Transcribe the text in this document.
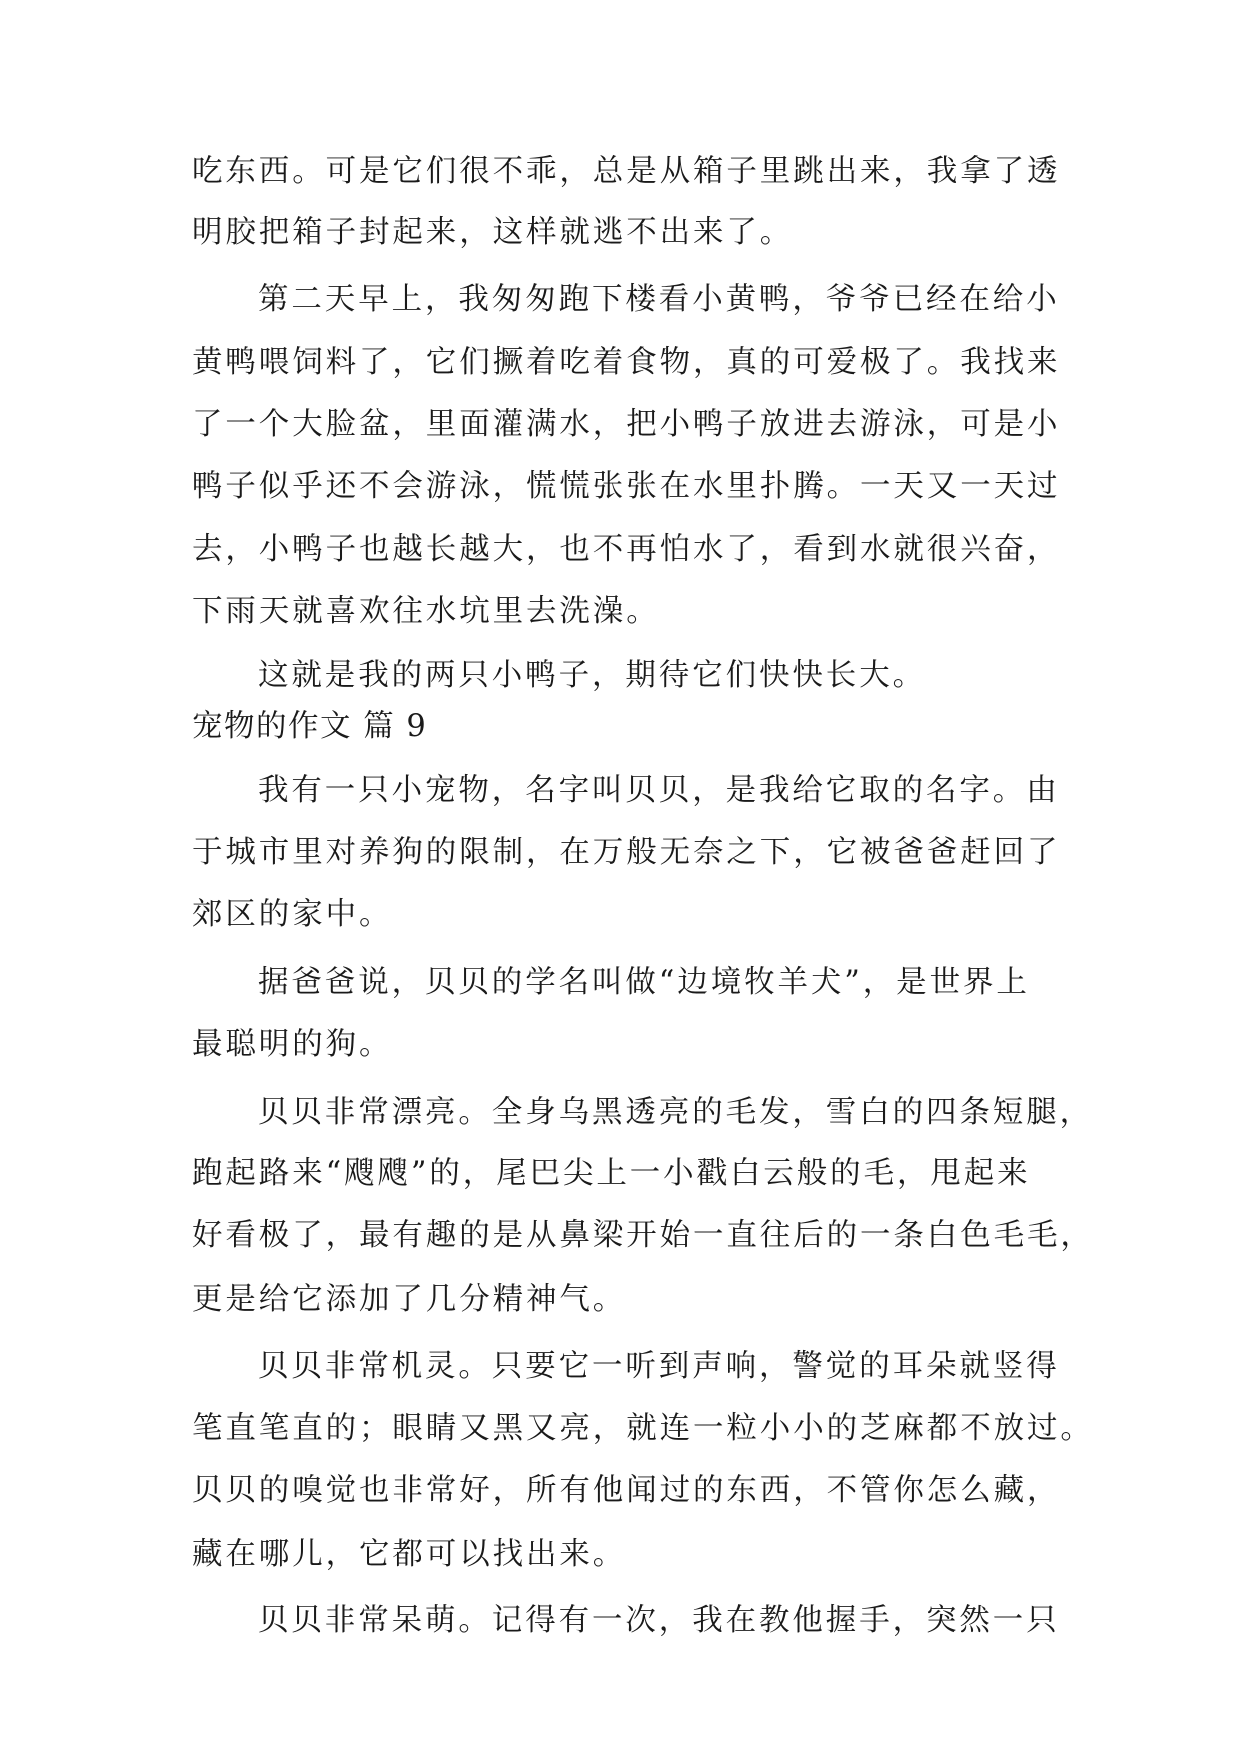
吃东西。可是它们很不乖，总是从箱子里跳出来，我拿了透
明胶把箱子封起来，这样就逃不出来了。
第二天早上，我匆匆跑下楼看小黄鸭，爷爷已经在给小
黄鸭喂饲料了，它们撅着吃着食物，真的可爱极了。我找来
了一个大脸盆，里面灌满水，把小鸭子放进去游泳，可是小
鸭子似乎还不会游泳，慌慌张张在水里扑腾。一天又一天过
去，小鸭子也越长越大，也不再怕水了，看到水就很兴奋，
下雨天就喜欢往水坑里去洗澡。
这就是我的两只小鸭子，期待它们快快长大。
宠物的作文 篇 9
我有一只小宠物，名字叫贝贝，是我给它取的名字。由
于城市里对养狗的限制，在万般无奈之下，它被爸爸赶回了
郊区的家中。
据爸爸说，贝贝的学名叫做“边境牧羊犬”，是世界上
最聪明的狗。
贝贝非常漂亮。全身乌黑透亮的毛发，雪白的四条短腿，
跑起路来“飕飕”的，尾巴尖上一小戳白云般的毛，甩起来
好看极了，最有趣的是从鼻梁开始一直往后的一条白色毛毛，
更是给它添加了几分精神气。
贝贝非常机灵。只要它一听到声响，警觉的耳朵就竖得
笔直笔直的；眼睛又黑又亮，就连一粒小小的芝麻都不放过。
贝贝的嗅觉也非常好，所有他闻过的东西，不管你怎么藏，
藏在哪儿，它都可以找出来。
贝贝非常呆萌。记得有一次，我在教他握手，突然一只
